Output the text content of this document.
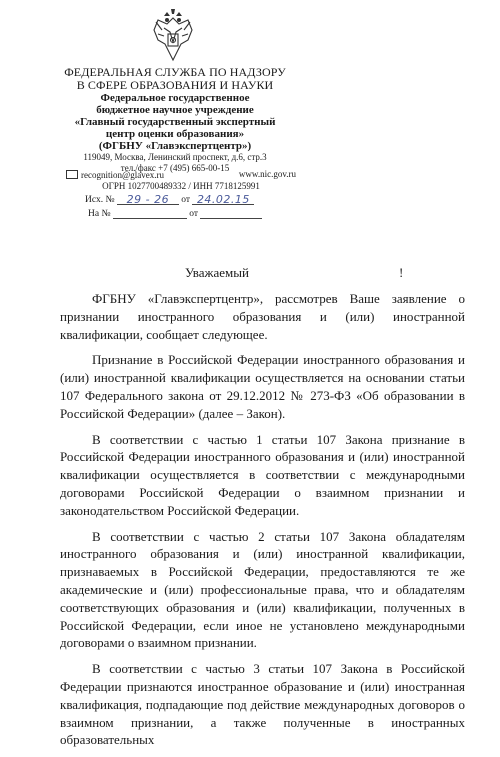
ФЕДЕРАЛЬНАЯ СЛУЖБА ПО НАДЗОРУ
В СФЕРЕ ОБРАЗОВАНИЯ И НАУКИ
Федеральное государственное
бюджетное научное учреждение
«Главный государственный экспертный
центр оценки образования»
(ФГБНУ «Главэкспертцентр»)
119049, Москва, Ленинский проспект, д.6, стр.3
тел./факс +7 (495) 665-00-15
recognition@glavex.ru	www.nic.gov.ru
ОГРН 1027700489332 / ИНН 7718125991
Исх. № 29 - 26 от 24.02.15
На №	от
Уважаемый	!

ФГБНУ «Главэкспертцентр», рассмотрев Ваше заявление о признании иностранного образования и (или) иностранной квалификации, сообщает следующее.

Признание в Российской Федерации иностранного образования и (или) иностранной квалификации осуществляется на основании статьи 107 Федерального закона от 29.12.2012 № 273-ФЗ «Об образовании в Российской Федерации» (далее – Закон).

В соответствии с частью 1 статьи 107 Закона признание в Российской Федерации иностранного образования и (или) иностранной квалификации осуществляется в соответствии с международными договорами Российской Федерации о взаимном признании и законодательством Российской Федерации.

В соответствии с частью 2 статьи 107 Закона обладателям иностранного образования и (или) иностранной квалификации, признаваемых в Российской Федерации, предоставляются те же академические и (или) профессиональные права, что и обладателям соответствующих образования и (или) квалификации, полученных в Российской Федерации, если иное не установлено международными договорами о взаимном признании.

В соответствии с частью 3 статьи 107 Закона в Российской Федерации признаются иностранное образование и (или) иностранная квалификация, подпадающие под действие международных договоров о взаимном признании, а также полученные в иностранных образовательных
